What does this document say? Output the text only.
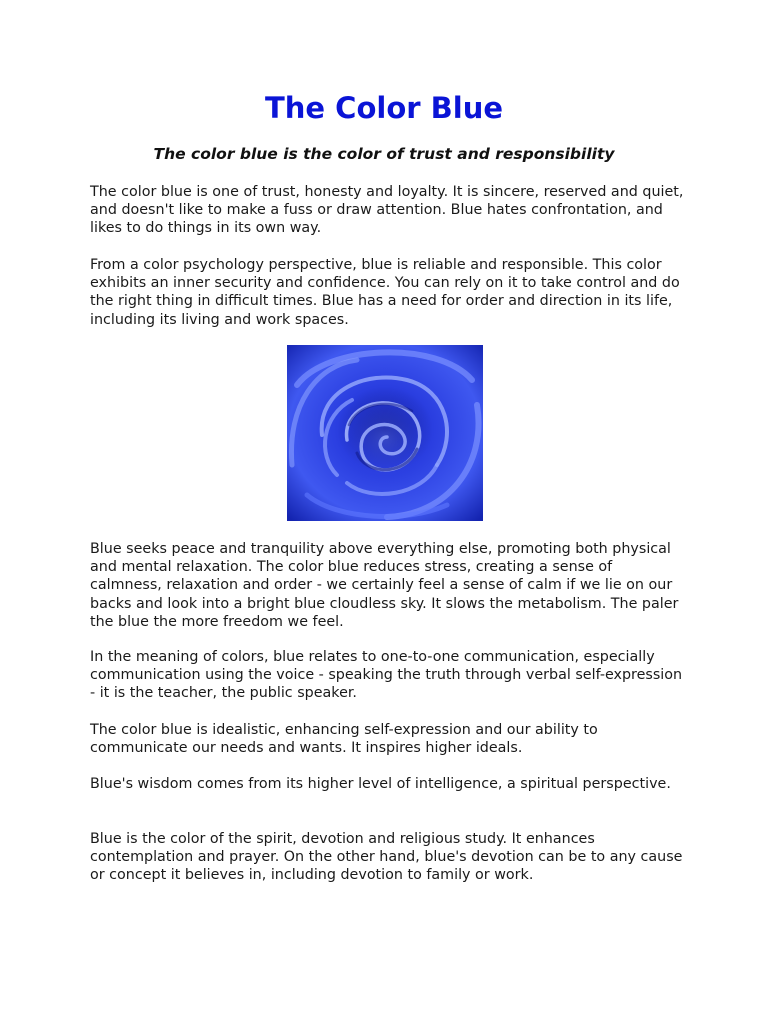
The Color Blue
The color blue is the color of trust and responsibility

The color blue is one of trust, honesty and loyalty. It is sincere, reserved and quiet, and doesn't like to make a fuss or draw attention. Blue hates confrontation, and likes to do things in its own way.

From a color psychology perspective, blue is reliable and responsible. This color exhibits an inner security and confidence. You can rely on it to take control and do the right thing in difficult times. Blue has a need for order and direction in its life, including its living and work spaces.

Blue seeks peace and tranquility above everything else, promoting both physical and mental relaxation. The color blue reduces stress, creating a sense of calmness, relaxation and order - we certainly feel a sense of calm if we lie on our backs and look into a bright blue cloudless sky. It slows the metabolism. The paler the blue the more freedom we feel.

In the meaning of colors, blue relates to one-to-one communication, especially communication using the voice - speaking the truth through verbal self-expression - it is the teacher, the public speaker.

The color blue is idealistic, enhancing self-expression and our ability to communicate our needs and wants. It inspires higher ideals.

Blue's wisdom comes from its higher level of intelligence, a spiritual perspective.

Blue is the color of the spirit, devotion and religious study. It enhances contemplation and prayer. On the other hand, blue's devotion can be to any cause or concept it believes in, including devotion to family or work.
